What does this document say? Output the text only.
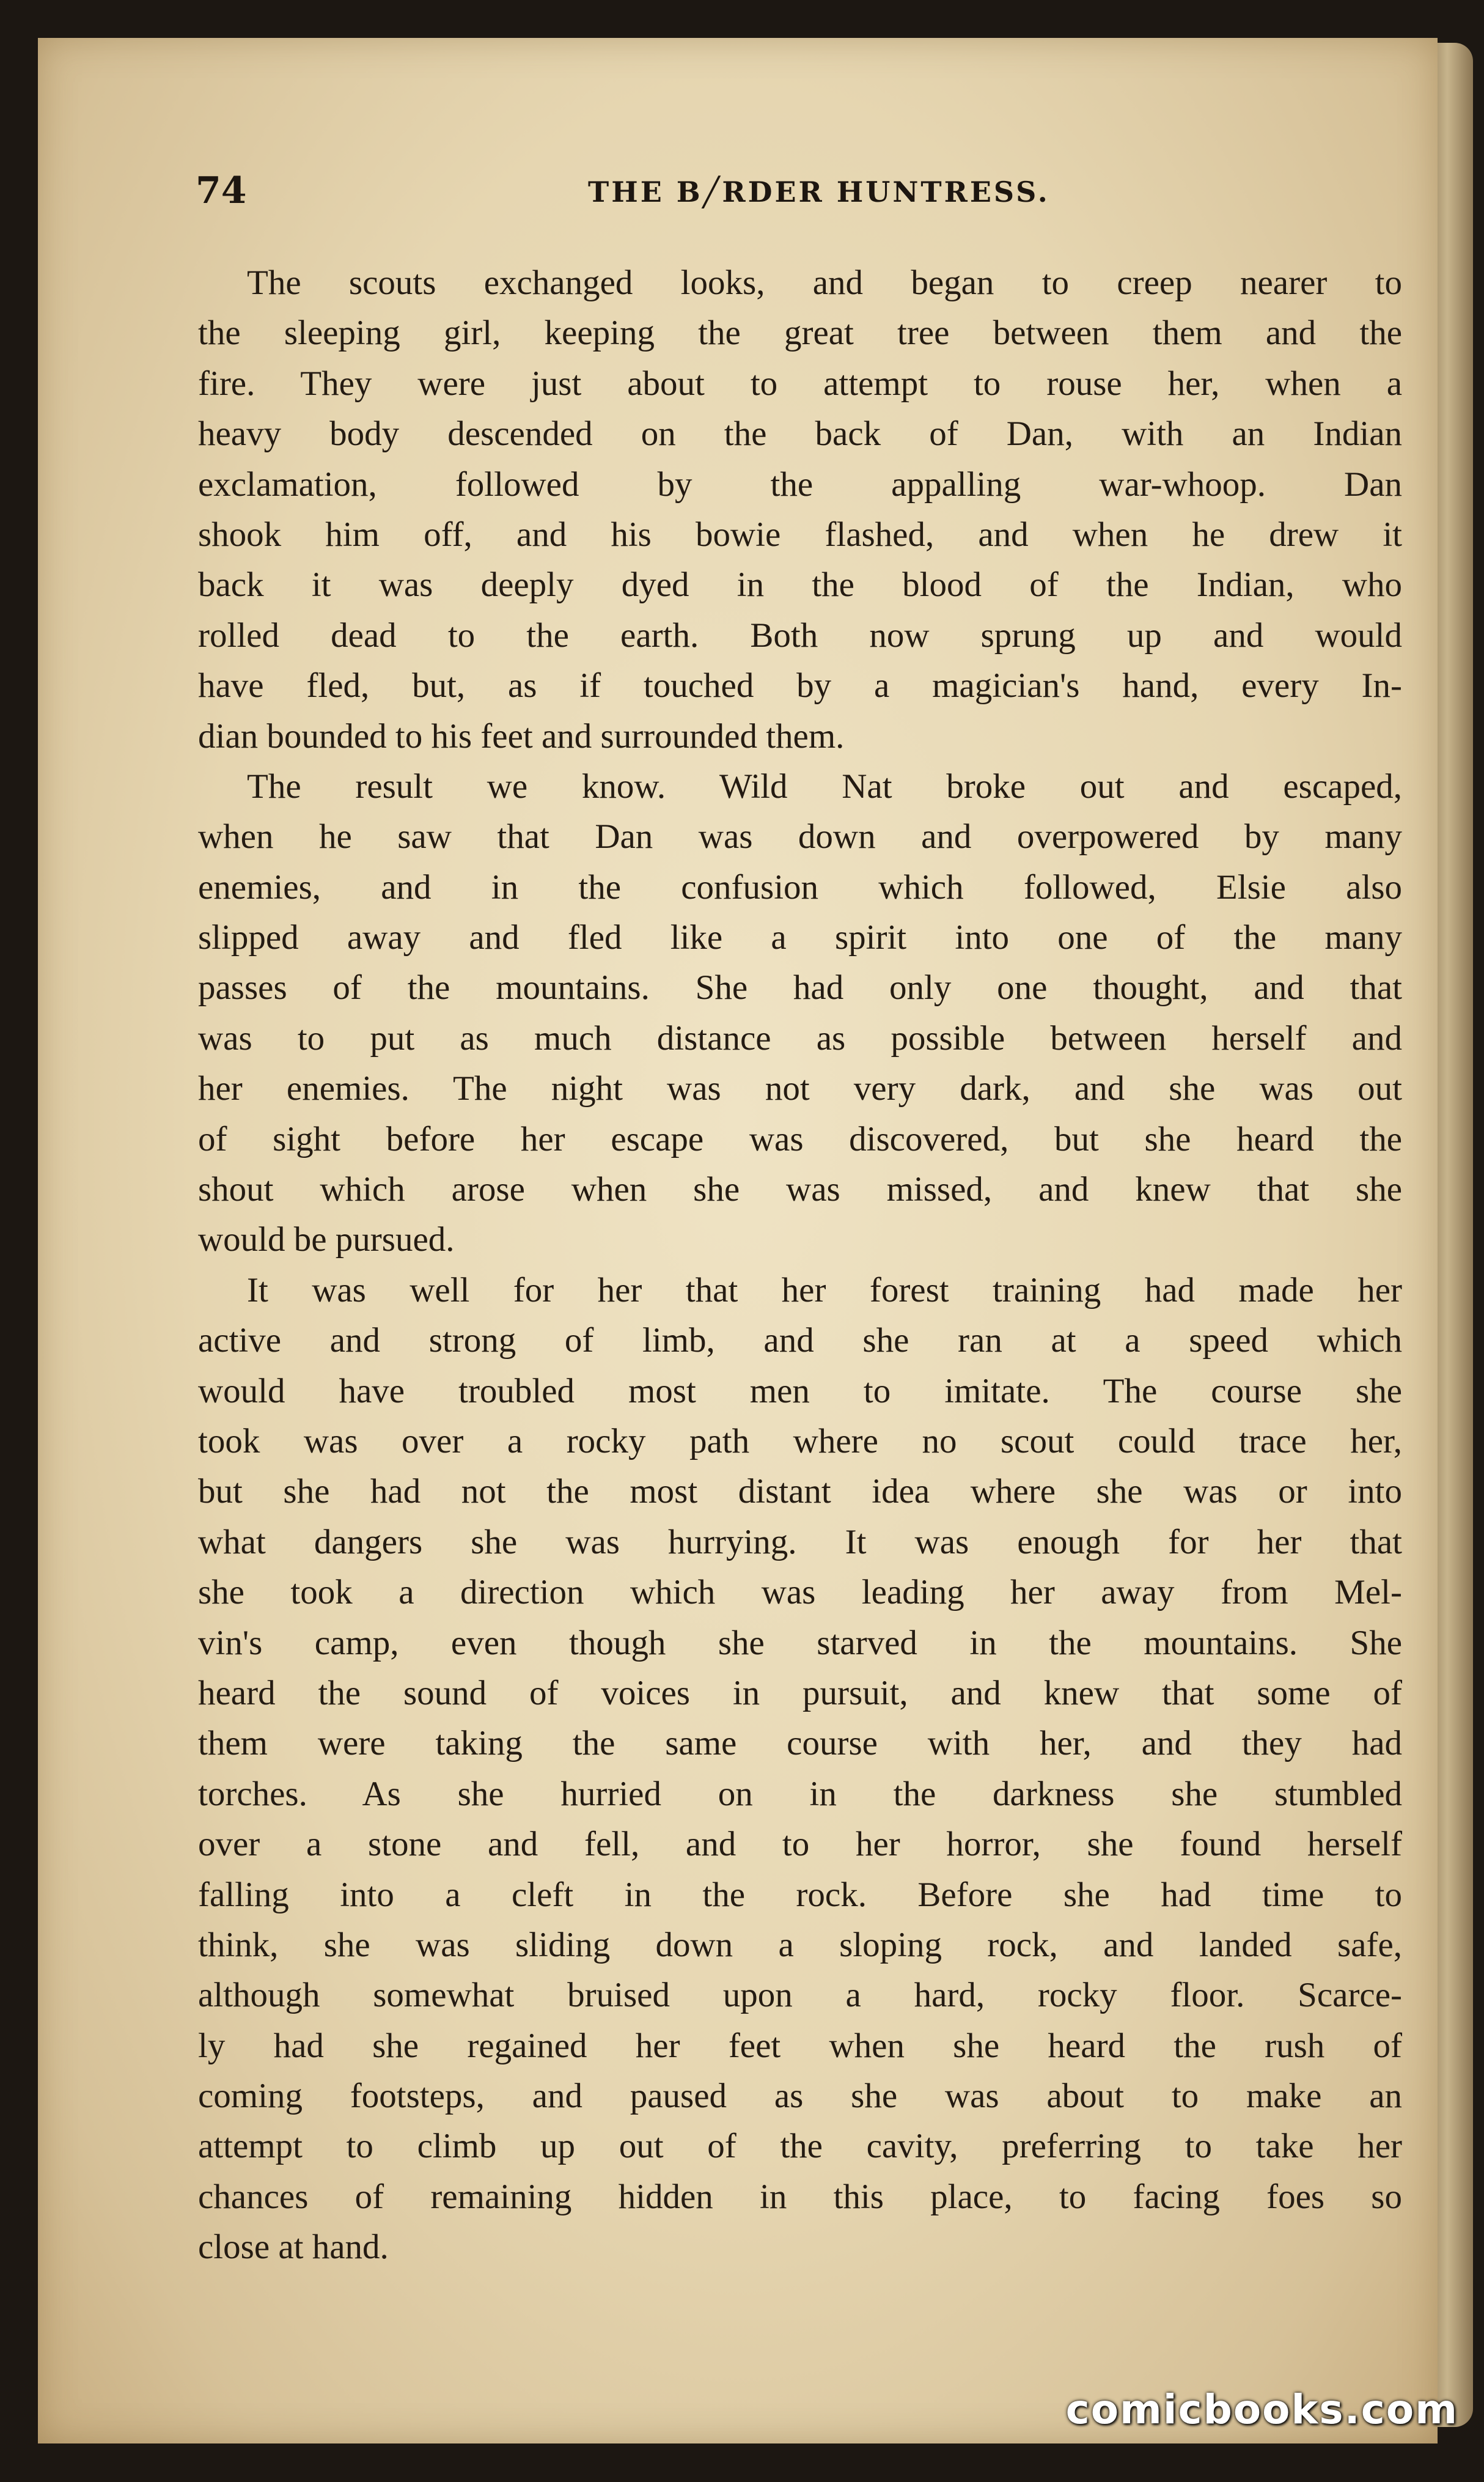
74	THE B╱RDER HUNTRESS.
The scouts exchanged looks, and began to creep nearer to
the sleeping girl, keeping the great tree between them and the
fire. They were just about to attempt to rouse her, when a
heavy body descended on the back of Dan, with an Indian
exclamation, followed by the appalling war-whoop. Dan
shook him off, and his bowie flashed, and when he drew it
back it was deeply dyed in the blood of the Indian, who
rolled dead to the earth. Both now sprung up and would
have fled, but, as if touched by a magician's hand, every In-
dian bounded to his feet and surrounded them.
The result we know. Wild Nat broke out and escaped,
when he saw that Dan was down and overpowered by many
enemies, and in the confusion which followed, Elsie also
slipped away and fled like a spirit into one of the many
passes of the mountains. She had only one thought, and that
was to put as much distance as possible between herself and
her enemies. The night was not very dark, and she was out
of sight before her escape was discovered, but she heard the
shout which arose when she was missed, and knew that she
would be pursued.
It was well for her that her forest training had made her
active and strong of limb, and she ran at a speed which
would have troubled most men to imitate. The course she
took was over a rocky path where no scout could trace her,
but she had not the most distant idea where she was or into
what dangers she was hurrying. It was enough for her that
she took a direction which was leading her away from Mel-
vin's camp, even though she starved in the mountains. She
heard the sound of voices in pursuit, and knew that some of
them were taking the same course with her, and they had
torches. As she hurried on in the darkness she stumbled
over a stone and fell, and to her horror, she found herself
falling into a cleft in the rock. Before she had time to
think, she was sliding down a sloping rock, and landed safe,
although somewhat bruised upon a hard, rocky floor. Scarce-
ly had she regained her feet when she heard the rush of
coming footsteps, and paused as she was about to make an
attempt to climb up out of the cavity, preferring to take her
chances of remaining hidden in this place, to facing foes so
close at hand.
comicbooks.com
